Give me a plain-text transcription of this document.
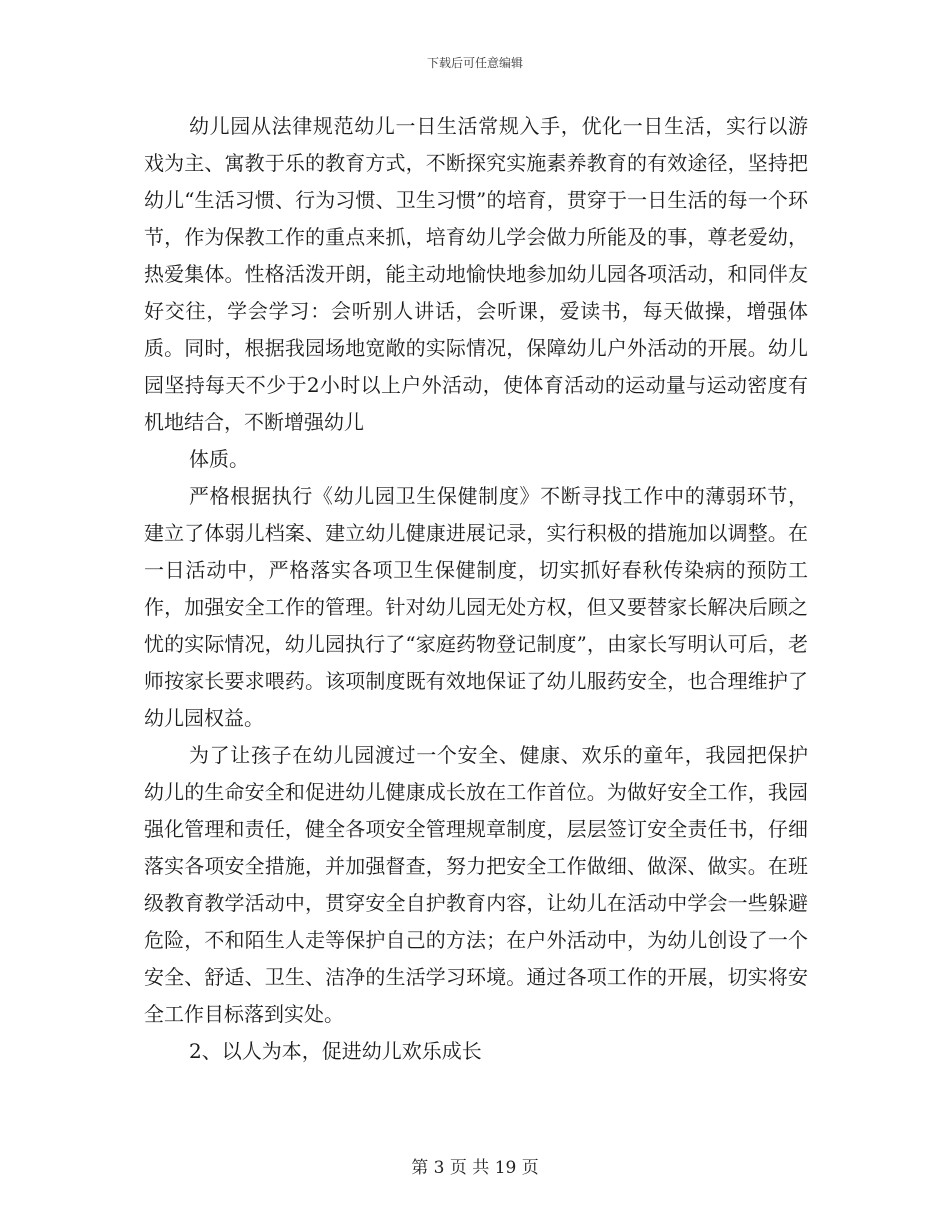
下载后可任意编辑

幼儿园从法律规范幼儿一日生活常规入手，优化一日生活，实行以游戏为主、寓教于乐的教育方式，不断探究实施素养教育的有效途径，坚持把幼儿“生活习惯、行为习惯、卫生习惯”的培育，贯穿于一日生活的每一个环节，作为保教工作的重点来抓，培育幼儿学会做力所能及的事，尊老爱幼，热爱集体。性格活泼开朗，能主动地愉快地参加幼儿园各项活动，和同伴友好交往，学会学习：会听别人讲话，会听课，爱读书，每天做操，增强体质。同时，根据我园场地宽敞的实际情况，保障幼儿户外活动的开展。幼儿园坚持每天不少于2小时以上户外活动，使体育活动的运动量与运动密度有机地结合，不断增强幼儿

体质。

严格根据执行《幼儿园卫生保健制度》不断寻找工作中的薄弱环节，建立了体弱儿档案、建立幼儿健康进展记录，实行积极的措施加以调整。在一日活动中，严格落实各项卫生保健制度，切实抓好春秋传染病的预防工作，加强安全工作的管理。针对幼儿园无处方权，但又要替家长解决后顾之忧的实际情况，幼儿园执行了“家庭药物登记制度”，由家长写明认可后，老师按家长要求喂药。该项制度既有效地保证了幼儿服药安全，也合理维护了幼儿园权益。

为了让孩子在幼儿园渡过一个安全、健康、欢乐的童年，我园把保护幼儿的生命安全和促进幼儿健康成长放在工作首位。为做好安全工作，我园强化管理和责任，健全各项安全管理规章制度，层层签订安全责任书，仔细落实各项安全措施，并加强督查，努力把安全工作做细、做深、做实。在班级教育教学活动中，贯穿安全自护教育内容，让幼儿在活动中学会一些躲避危险，不和陌生人走等保护自己的方法；在户外活动中，为幼儿创设了一个安全、舒适、卫生、洁净的生活学习环境。通过各项工作的开展，切实将安全工作目标落到实处。

2、以人为本，促进幼儿欢乐成长

第 3 页 共 19 页
